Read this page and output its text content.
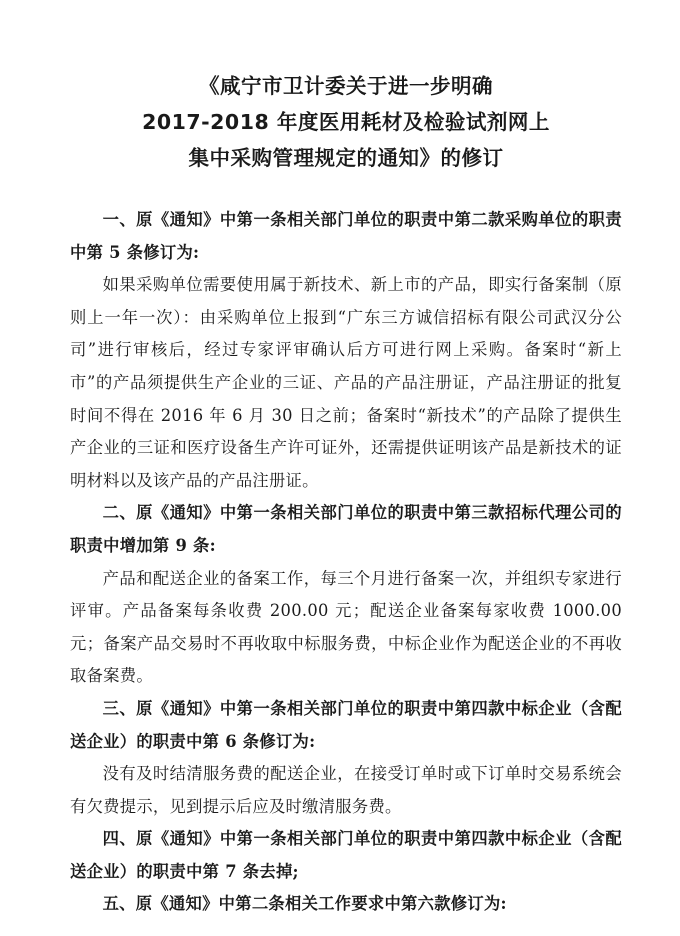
《咸宁市卫计委关于进一步明确
2017-2018 年度医用耗材及检验试剂网上
集中采购管理规定的通知》的修订

一、原《通知》中第一条相关部门单位的职责中第二款采购单位的职责中第 5 条修订为:

如果采购单位需要使用属于新技术、新上市的产品，即实行备案制（原则上一年一次）：由采购单位上报到“广东三方诚信招标有限公司武汉分公司”进行审核后，经过专家评审确认后方可进行网上采购。备案时“新上市”的产品须提供生产企业的三证、产品的产品注册证，产品注册证的批复时间不得在 2016 年 6 月 30 日之前；备案时“新技术”的产品除了提供生产企业的三证和医疗设备生产许可证外，还需提供证明该产品是新技术的证明材料以及该产品的产品注册证。

二、原《通知》中第一条相关部门单位的职责中第三款招标代理公司的职责中增加第 9 条:

产品和配送企业的备案工作，每三个月进行备案一次，并组织专家进行评审。产品备案每条收费 200.00 元；配送企业备案每家收费 1000.00 元；备案产品交易时不再收取中标服务费，中标企业作为配送企业的不再收取备案费。

三、原《通知》中第一条相关部门单位的职责中第四款中标企业（含配送企业）的职责中第 6 条修订为:

没有及时结清服务费的配送企业，在接受订单时或下订单时交易系统会有欠费提示，见到提示后应及时缴清服务费。

四、原《通知》中第一条相关部门单位的职责中第四款中标企业（含配送企业）的职责中第 7 条去掉;

五、原《通知》中第二条相关工作要求中第六款修订为:
